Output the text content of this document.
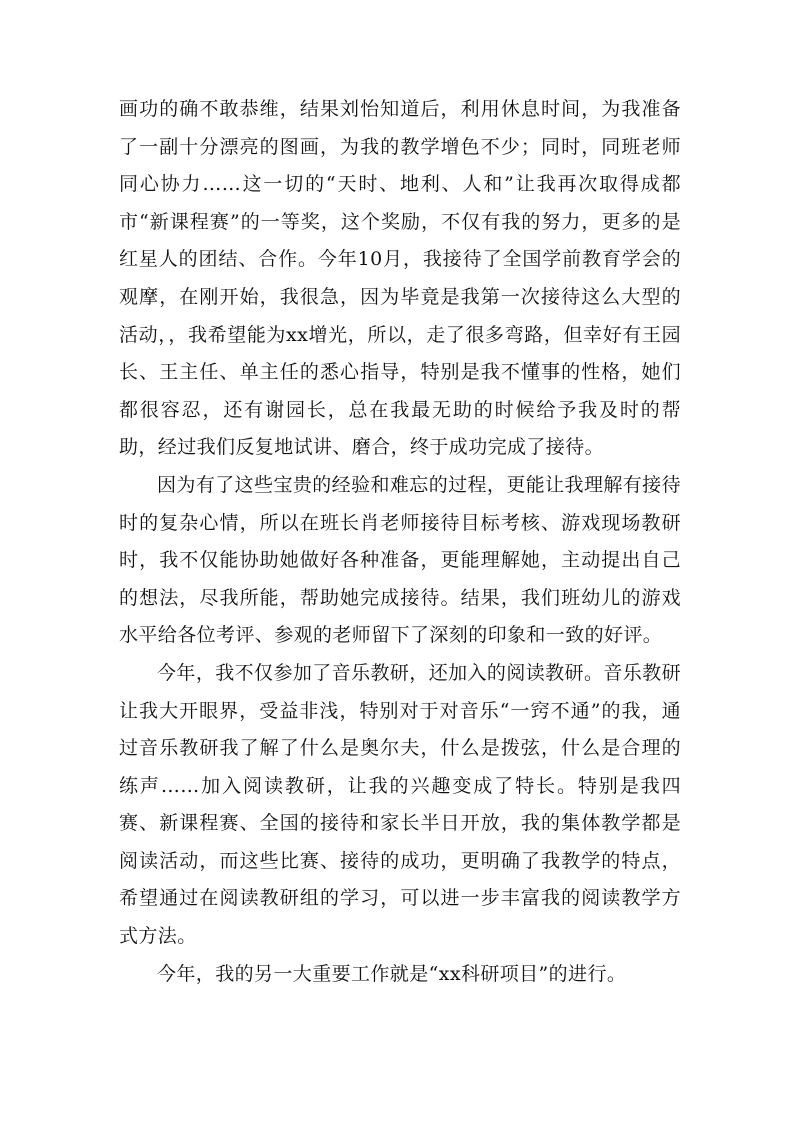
画功的确不敢恭维，结果刘怡知道后，利用休息时间，为我准备了一副十分漂亮的图画，为我的教学增色不少；同时，同班老师同心协力……这一切的“天时、地利、人和”让我再次取得成都市“新课程赛”的一等奖，这个奖励，不仅有我的努力，更多的是红星人的团结、合作。今年10月，我接待了全国学前教育学会的观摩，在刚开始，我很急，因为毕竟是我第一次接待这么大型的活动，，我希望能为xx增光，所以，走了很多弯路，但幸好有王园长、王主任、单主任的悉心指导，特别是我不懂事的性格，她们都很容忍，还有谢园长，总在我最无助的时候给予我及时的帮助，经过我们反复地试讲、磨合，终于成功完成了接待。

因为有了这些宝贵的经验和难忘的过程，更能让我理解有接待时的复杂心情，所以在班长肖老师接待目标考核、游戏现场教研时，我不仅能协助她做好各种准备，更能理解她，主动提出自己的想法，尽我所能，帮助她完成接待。结果，我们班幼儿的游戏水平给各位考评、参观的老师留下了深刻的印象和一致的好评。

今年，我不仅参加了音乐教研，还加入的阅读教研。音乐教研让我大开眼界，受益非浅，特别对于对音乐“一窍不通”的我，通过音乐教研我了解了什么是奥尔夫，什么是拨弦，什么是合理的练声……加入阅读教研，让我的兴趣变成了特长。特别是我四赛、新课程赛、全国的接待和家长半日开放，我的集体教学都是阅读活动，而这些比赛、接待的成功，更明确了我教学的特点，希望通过在阅读教研组的学习，可以进一步丰富我的阅读教学方式方法。

今年，我的另一大重要工作就是“xx科研项目”的进行。
